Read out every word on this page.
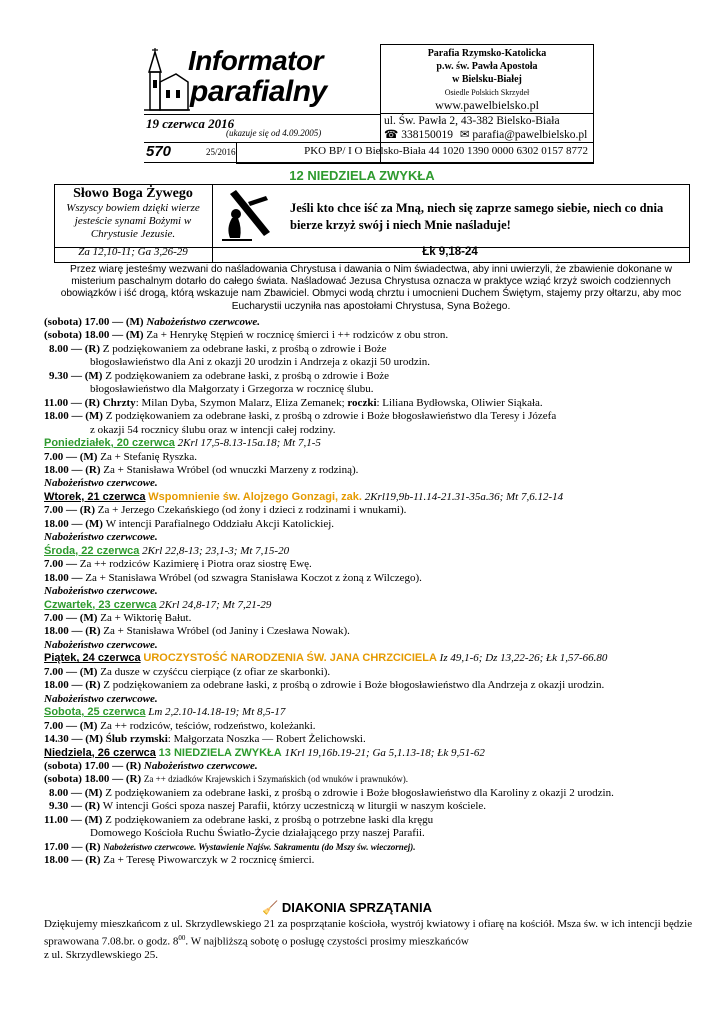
Informator
parafialny
19 czerwca 2016
(ukazuje się od 4.09.2005)
570	25/2016
Parafia Rzymsko-Katolicka
p.w. św. Pawła Apostoła
w Bielsku-Białej
Osiedle Polskich Skrzydeł
www.pawelbielsko.pl
ul. Św. Pawła 2, 43-382 Bielsko-Biała
☎ 338150019 ✉ parafia@pawelbielsko.pl
PKO BP/ I O Bielsko-Biała 44 1020 1390 0000 6302 0157 8772
12 NIEDZIELA ZWYKŁA
Słowo Boga Żywego
Wszyscy bowiem dzięki wierze jesteście synami Bożymi w Chrystusie Jezusie.
Jeśli kto chce iść za Mną, niech się zaprze samego siebie, niech co dnia bierze krzyż swój i niech Mnie naśladuje!
Za 12,10-11; Ga 3,26-29	Łk 9,18-24
Przez wiarę jesteśmy wezwani do naśladowania Chrystusa i dawania o Nim świadectwa, aby inni uwierzyli, że zbawienie dokonane w misterium paschalnym dotarło do całego świata. Naśladować Jezusa Chrystusa oznacza w praktyce wziąć krzyż swoich codziennych obowiązków i iść drogą, którą wskazuje nam Zbawiciel. Obmyci wodą chrztu i umocnieni Duchem Świętym, stajemy przy ołtarzu, aby moc Eucharystii uczyniła nas apostołami Chrystusa, Syna Bożego.
(sobota) 17.00 — (M) Nabożeństwo czerwcowe.
(sobota) 18.00 — (M) Za + Henrykę Stępień w rocznicę śmierci i ++ rodziców z obu stron.
8.00 — (R) Z podziękowaniem za odebrane łaski, z prośbą o zdrowie i Boże
błogosławieństwo dla Ani z okazji 20 urodzin i Andrzeja z okazji 50 urodzin.
9.30 — (M) Z podziękowaniem za odebrane łaski, z prośbą o zdrowie i Boże
błogosławieństwo dla Małgorzaty i Grzegorza w rocznicę ślubu.
11.00 — (R) Chrzty: Milan Dyba, Szymon Malarz, Eliza Zemanek; roczki: Liliana Bydłowska, Oliwier Siąkała.
18.00 — (M) Z podziękowaniem za odebrane łaski, z prośbą o zdrowie i Boże błogosławieństwo dla Teresy i Józefa
z okazji 54 rocznicy ślubu oraz w intencji całej rodziny.
Poniedziałek, 20 czerwca 2Krl 17,5-8.13-15a.18; Mt 7,1-5
7.00 — (M) Za + Stefanię Ryszka.
18.00 — (R) Za + Stanisława Wróbel (od wnuczki Marzeny z rodziną).
Nabożeństwo czerwcowe.
Wtorek, 21 czerwca Wspomnienie św. Alojzego Gonzagi, zak. 2Krl19,9b-11.14-21.31-35a.36; Mt 7,6.12-14
7.00 — (R) Za + Jerzego Czekańskiego (od żony i dzieci z rodzinami i wnukami).
18.00 — (M) W intencji Parafialnego Oddziału Akcji Katolickiej.
Nabożeństwo czerwcowe.
Środa, 22 czerwca 2Krl 22,8-13; 23,1-3; Mt 7,15-20
7.00 — Za ++ rodziców Kazimierę i Piotra oraz siostrę Ewę.
18.00 — Za + Stanisława Wróbel (od szwagra Stanisława Koczot z żoną z Wilczego).
Nabożeństwo czerwcowe.
Czwartek, 23 czerwca 2Krl 24,8-17; Mt 7,21-29
7.00 — (M) Za + Wiktorię Bałut.
18.00 — (R) Za + Stanisława Wróbel (od Janiny i Czesława Nowak).
Nabożeństwo czerwcowe.
Piątek, 24 czerwca UROCZYSTOŚĆ NARODZENIA ŚW. JANA CHRZCICIELA Iz 49,1-6; Dz 13,22-26; Łk 1,57-66.80
7.00 — (M) Za dusze w czyśćcu cierpiące (z ofiar ze skarbonki).
18.00 — (R) Z podziękowaniem za odebrane łaski, z prośbą o zdrowie i Boże błogosławieństwo dla Andrzeja z okazji urodzin.
Nabożeństwo czerwcowe.
Sobota, 25 czerwca Lm 2,2.10-14.18-19; Mt 8,5-17
7.00 — (M) Za ++ rodziców, teściów, rodzeństwo, koleżanki.
14.30 — (M) Ślub rzymski: Małgorzata Noszka — Robert Żelichowski.
Niedziela, 26 czerwca 13 NIEDZIELA ZWYKŁA 1Krl 19,16b.19-21; Ga 5,1.13-18; Łk 9,51-62
(sobota) 17.00 — (R) Nabożeństwo czerwcowe.
(sobota) 18.00 — (R) Za ++ dziadków Krajewskich i Szymańskich (od wnuków i prawnuków).
8.00 — (M) Z podziękowaniem za odebrane łaski, z prośbą o zdrowie i Boże błogosławieństwo dla Karoliny z okazji 2 urodzin.
9.30 — (R) W intencji Gości spoza naszej Parafii, którzy uczestniczą w liturgii w naszym kościele.
11.00 — (M) Z podziękowaniem za odebrane łaski, z prośbą o potrzebne łaski dla kręgu
Domowego Kościoła Ruchu Światło-Życie działającego przy naszej Parafii.
17.00 — (R) Nabożeństwo czerwcowe. Wystawienie Najśw. Sakramentu (do Mszy św. wieczornej).
18.00 — (R) Za + Teresę Piwowarczyk w 2 rocznicę śmierci.
🧹 DIAKONIA SPRZĄTANIA
Dziękujemy mieszkańcom z ul. Skrzydlewskiego 21 za posprzątanie kościoła, wystrój kwiatowy i ofiarę na kościół. Msza św. w ich intencji będzie sprawowana 7.08.br. o godz. $8^{00}$. W najbliższą sobotę o posługę czystości prosimy mieszkańców
z ul. Skrzydlewskiego 25.
